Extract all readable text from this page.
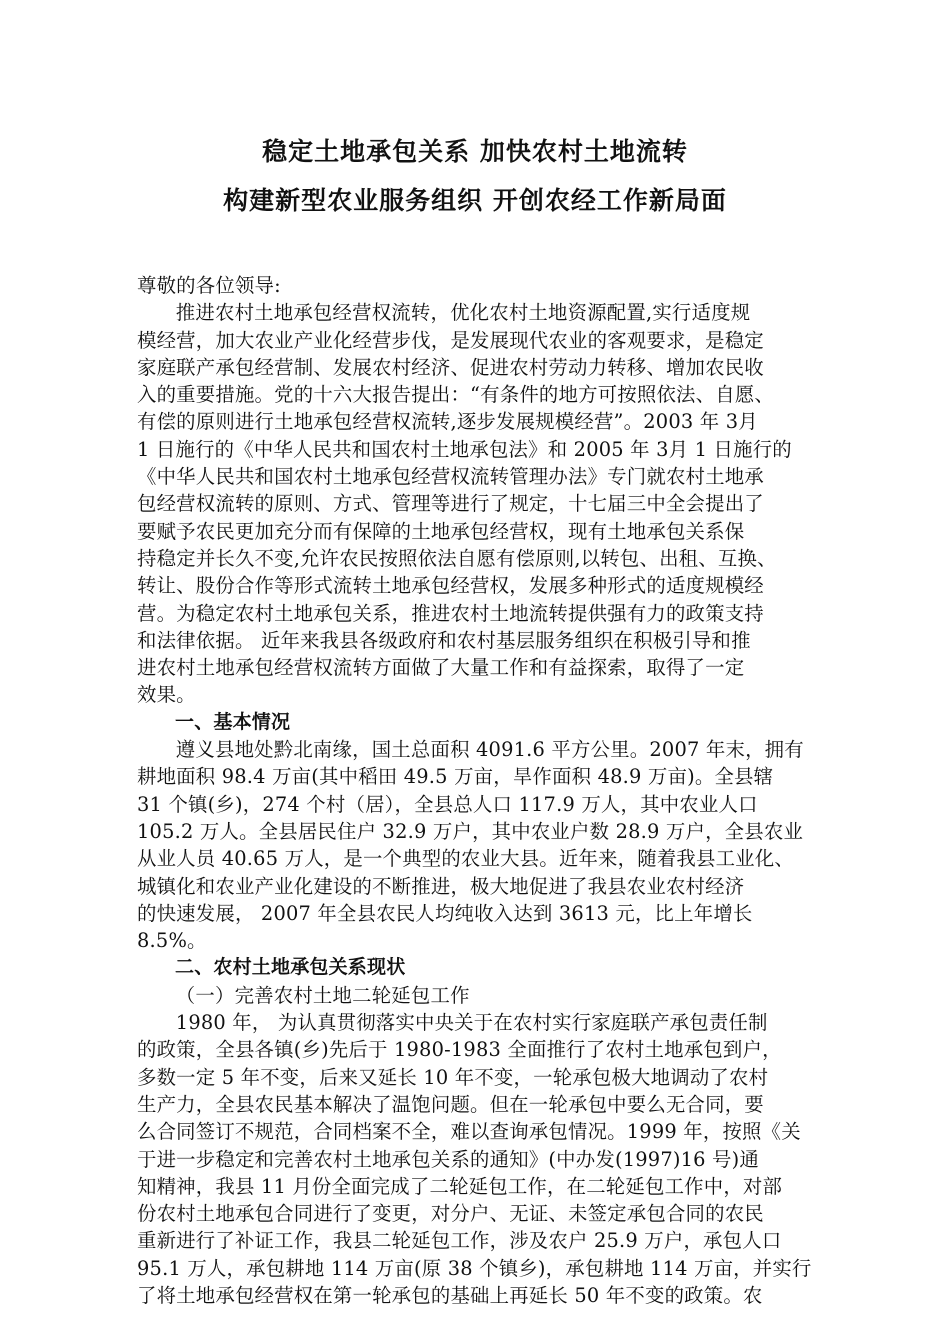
稳定土地承包关系 加快农村土地流转
构建新型农业服务组织 开创农经工作新局面
尊敬的各位领导:
推进农村土地承包经营权流转，优化农村土地资源配置,实行适度规
模经营，加大农业产业化经营步伐，是发展现代农业的客观要求，是稳定
家庭联产承包经营制、发展农村经济、促进农村劳动力转移、增加农民收
入的重要措施。党的十六大报告提出：“有条件的地方可按照依法、自愿、
有偿的原则进行土地承包经营权流转,逐步发展规模经营”。2003 年 3月
1 日施行的《中华人民共和国农村土地承包法》和 2005 年 3月 1 日施行的
《中华人民共和国农村土地承包经营权流转管理办法》专门就农村土地承
包经营权流转的原则、方式、管理等进行了规定，十七届三中全会提出了
要赋予农民更加充分而有保障的土地承包经营权，现有土地承包关系保
持稳定并长久不变,允许农民按照依法自愿有偿原则,以转包、出租、互换、
转让、股份合作等形式流转土地承包经营权，发展多种形式的适度规模经
营。为稳定农村土地承包关系，推进农村土地流转提供强有力的政策支持
和法律依据。 近年来我县各级政府和农村基层服务组织在积极引导和推
进农村土地承包经营权流转方面做了大量工作和有益探索，取得了一定
效果。
一、基本情况
遵义县地处黔北南缘，国土总面积 4091.6 平方公里。2007 年末，拥有
耕地面积 98.4 万亩(其中稻田 49.5 万亩，旱作面积 48.9 万亩)。全县辖
31 个镇(乡)，274 个村（居），全县总人口 117.9 万人，其中农业人口
105.2 万人。全县居民住户 32.9 万户，其中农业户数 28.9 万户，全县农业
从业人员 40.65 万人，是一个典型的农业大县。近年来，随着我县工业化、
城镇化和农业产业化建设的不断推进，极大地促进了我县农业农村经济
的快速发展， 2007 年全县农民人均纯收入达到 3613 元，比上年增长
8.5%。
二、农村土地承包关系现状
（一）完善农村土地二轮延包工作
1980 年， 为认真贯彻落实中央关于在农村实行家庭联产承包责任制
的政策，全县各镇(乡)先后于 1980-1983 全面推行了农村土地承包到户，
多数一定 5 年不变，后来又延长 10 年不变，一轮承包极大地调动了农村
生产力，全县农民基本解决了温饱问题。但在一轮承包中要么无合同，要
么合同签订不规范，合同档案不全，难以查询承包情况。1999 年，按照《关
于进一步稳定和完善农村土地承包关系的通知》(中办发(1997)16 号)通
知精神，我县 11 月份全面完成了二轮延包工作，在二轮延包工作中，对部
份农村土地承包合同进行了变更，对分户、无证、未签定承包合同的农民
重新进行了补证工作，我县二轮延包工作，涉及农户 25.9 万户，承包人口
95.1 万人，承包耕地 114 万亩(原 38 个镇乡)，承包耕地 114 万亩，并实行
了将土地承包经营权在第一轮承包的基础上再延长 50 年不变的政策。农
